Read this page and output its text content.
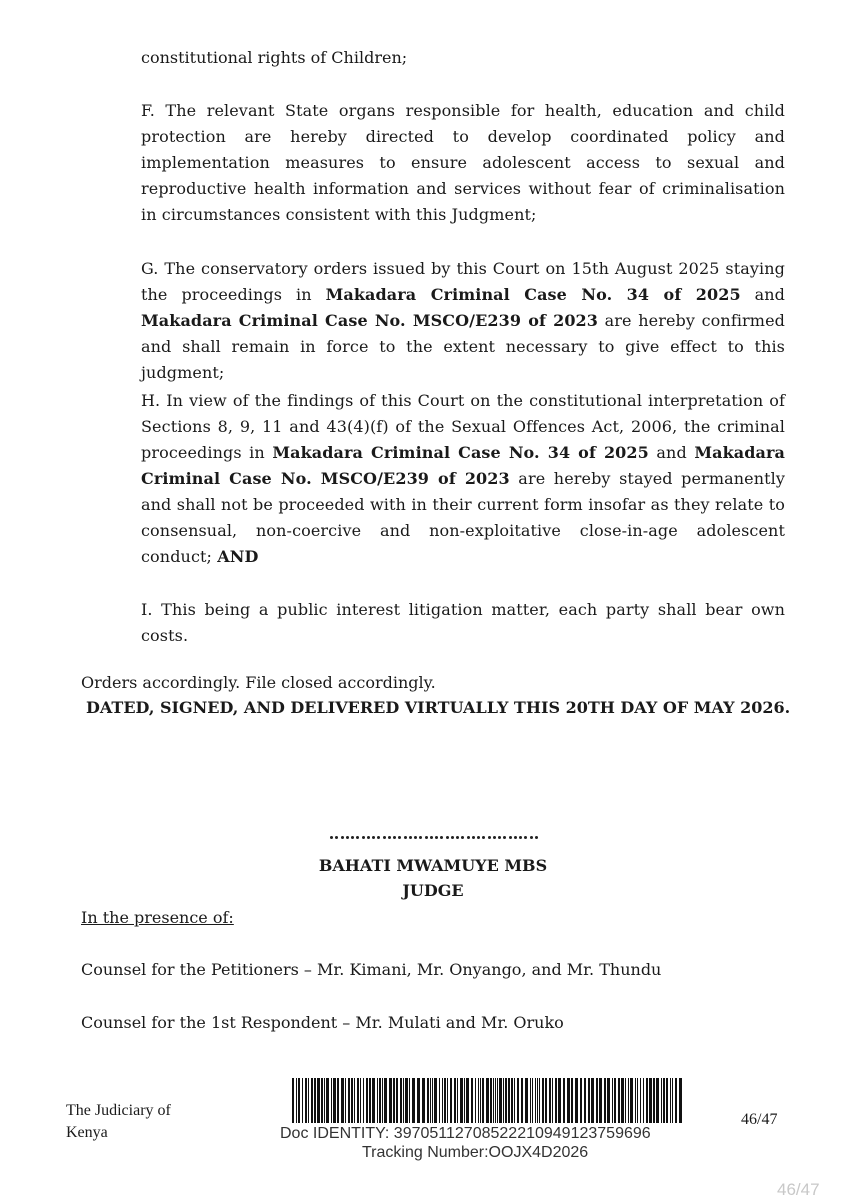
constitutional rights of Children;
F. The relevant State organs responsible for health, education and child protection are hereby directed to develop coordinated policy and implementation measures to ensure adolescent access to sexual and reproductive health information and services without fear of criminalisation in circumstances consistent with this Judgment;
G. The conservatory orders issued by this Court on 15th August 2025 staying the proceedings in Makadara Criminal Case No. 34 of 2025 and Makadara Criminal Case No. MSCO/E239 of 2023 are hereby confirmed and shall remain in force to the extent necessary to give effect to this judgment;
H. In view of the findings of this Court on the constitutional interpretation of Sections 8, 9, 11 and 43(4)(f) of the Sexual Offences Act, 2006, the criminal proceedings in Makadara Criminal Case No. 34 of 2025 and Makadara Criminal Case No. MSCO/E239 of 2023 are hereby stayed permanently and shall not be proceeded with in their current form insofar as they relate to consensual, non-coercive and non-exploitative close-in-age adolescent conduct; AND
I. This being a public interest litigation matter, each party shall bear own costs.
Orders accordingly. File closed accordingly.
DATED, SIGNED, AND DELIVERED VIRTUALLY THIS 20TH DAY OF MAY 2026.
BAHATI MWAMUYE MBS
JUDGE
In the presence of:
Counsel for the Petitioners – Mr. Kimani, Mr. Onyango, and Mr. Thundu
Counsel for the 1st Respondent – Mr. Mulati and Mr. Oruko
The Judiciary of
Kenya	Doc IDENTITY: 3970511270852221094912375969​6
Tracking Number:OOJX4D2026
46/47
46/47
